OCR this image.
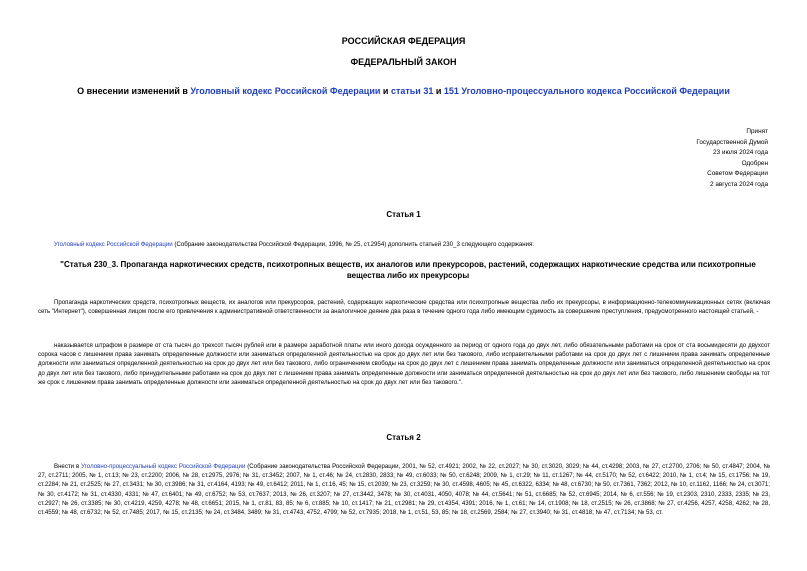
РОССИЙСКАЯ ФЕДЕРАЦИЯ
ФЕДЕРАЛЬНЫЙ ЗАКОН
О внесении изменений в Уголовный кодекс Российской Федерации и статьи 31 и 151 Уголовно-процессуального кодекса Российской Федерации
Принят
Государственной Думой
23 июля 2024 года
Одобрен
Советом Федерации
2 августа 2024 года
Статья 1
Уголовный кодекс Российской Федерации (Собрание законодательства Российской Федерации, 1996, № 25, ст.2954) дополнить статьей 230_3 следующего содержания:
"Статья 230_3. Пропаганда наркотических средств, психотропных веществ, их аналогов или прекурсоров, растений, содержащих наркотические средства или психотропные вещества либо их прекурсоры
Пропаганда наркотических средств, психотропных веществ, их аналогов или прекурсоров, растений, содержащих наркотические средства или психотропные вещества либо их прекурсоры, в информационно-телекоммуникационных сетях (включая сеть "Интернет"), совершенная лицом после его привлечения к административной ответственности за аналогичное деяние два раза в течение одного года либо имеющим судимость за совершение преступления, предусмотренного настоящей статьей, -
наказывается штрафом в размере от ста тысяч до трехсот тысяч рублей или в размере заработной платы или иного дохода осужденного за период от одного года до двух лет, либо обязательными работами на срок от ста восьмидесяти до двухсот сорока часов с лишением права занимать определенные должности или заниматься определенной деятельностью на срок до двух лет или без такового, либо исправительными работами на срок до двух лет с лишением права занимать определенные должности или заниматься определенной деятельностью на срок до двух лет или без такового, либо ограничением свободы на срок до двух лет с лишением права занимать определенные должности или заниматься определенной деятельностью на срок до двух лет или без такового, либо принудительными работами на срок до двух лет с лишением права занимать определенные должности или заниматься определенной деятельностью на срок до двух лет или без такового, либо лишением свободы на тот же срок с лишением права занимать определенные должности или заниматься определенной деятельностью на срок до двух лет или без такового.".
Статья 2
Внести в Уголовно-процессуальный кодекс Российской Федерации (Собрание законодательства Российской Федерации, 2001, № 52, ст.4921; 2002, № 22, ст.2027; № 30, ст.3020, 3029; № 44, ст.4298; 2003, № 27, ст.2700, 2706; № 50, ст.4847; 2004, № 27, ст.2711; 2005, № 1, ст.13; № 23, ст.2200; 2006, № 28, ст.2975, 2976; № 31, ст.3452; 2007, № 1, ст.46; № 24, ст.2830, 2833; № 49, ст.6033; № 50, ст.6248; 2009, № 1, ст.29; № 11, ст.1267; № 44, ст.5170; № 52, ст.6422; 2010, № 1, ст.4; № 15, ст.1756; № 19, ст.2284; № 21, ст.2525; № 27, ст.3431; № 30, ст.3986; № 31, ст.4164, 4193; № 49, ст.6412; 2011, № 1, ст.16, 45; № 15, ст.2039; № 23, ст.3259; № 30, ст.4598, 4605; № 45, ст.6322, 6334; № 48, ст.6730; № 50, ст.7361, 7362; 2012, № 10, ст.1162, 1166; № 24, ст.3071; № 30, ст.4172; № 31, ст.4330, 4331; № 47, ст.6401; № 49, ст.6752; № 53, ст.7637; 2013, № 26, ст.3207; № 27, ст.3442, 3478; № 30, ст.4031, 4050, 4078; № 44, ст.5641; № 51, ст.6685; № 52, ст.6945; 2014, № 6, ст.556; № 19, ст.2303, 2310, 2333, 2335; № 23, ст.2927; № 26, ст.3385; № 30, ст.4219, 4259, 4278; № 48, ст.6651; 2015, № 1, ст.81, 83, 85; № 6, ст.885; № 10, ст.1417; № 21, ст.2981; № 29, ст.4354, 4391; 2016, № 1, ст.61; № 14, ст.1908; № 18, ст.2515; № 26, ст.3868; № 27, ст.4256, 4257, 4258, 4262; № 28, ст.4559; № 48, ст.6732; № 52, ст.7485; 2017, № 15, ст.2135; № 24, ст.3484, 3489; № 31, ст.4743, 4752, 4799; № 52, ст.7935; 2018, № 1, ст.51, 53, 85; № 18, ст.2569, 2584; № 27, ст.3940; № 31, ст.4818; № 47, ст.7134; № 53, ст.
